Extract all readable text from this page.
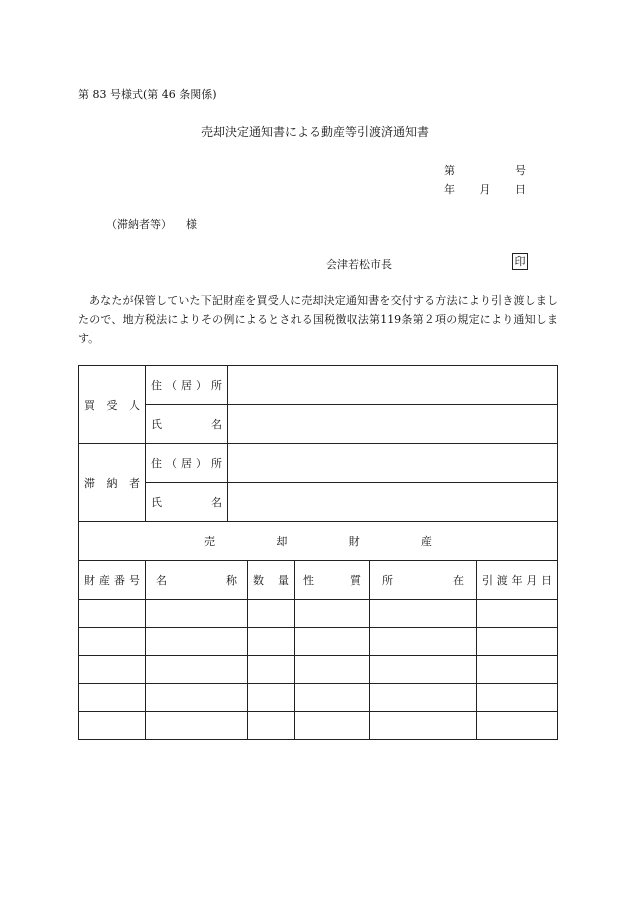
第 83 号様式(第 46 条関係)
売却決定通知書による動産等引渡済通知書
第	号
年 月 日
（滞納者等） 様
会津若松市長	印
あなたが保管していた下記財産を買受人に売却決定通知書を交付する方法により引き渡しましたので、地方税法によりその例によるとされる国税徴収法第119条第２項の規定により通知します。
買 受 人	住 （ 居 ） 所					

	氏 名					

滞 納 者	住 （ 居 ） 所					

	氏 名					

売 却 財 産						

財 産 番 号	名 称		数 量	性 質	所 在	引 渡 年 月 日
